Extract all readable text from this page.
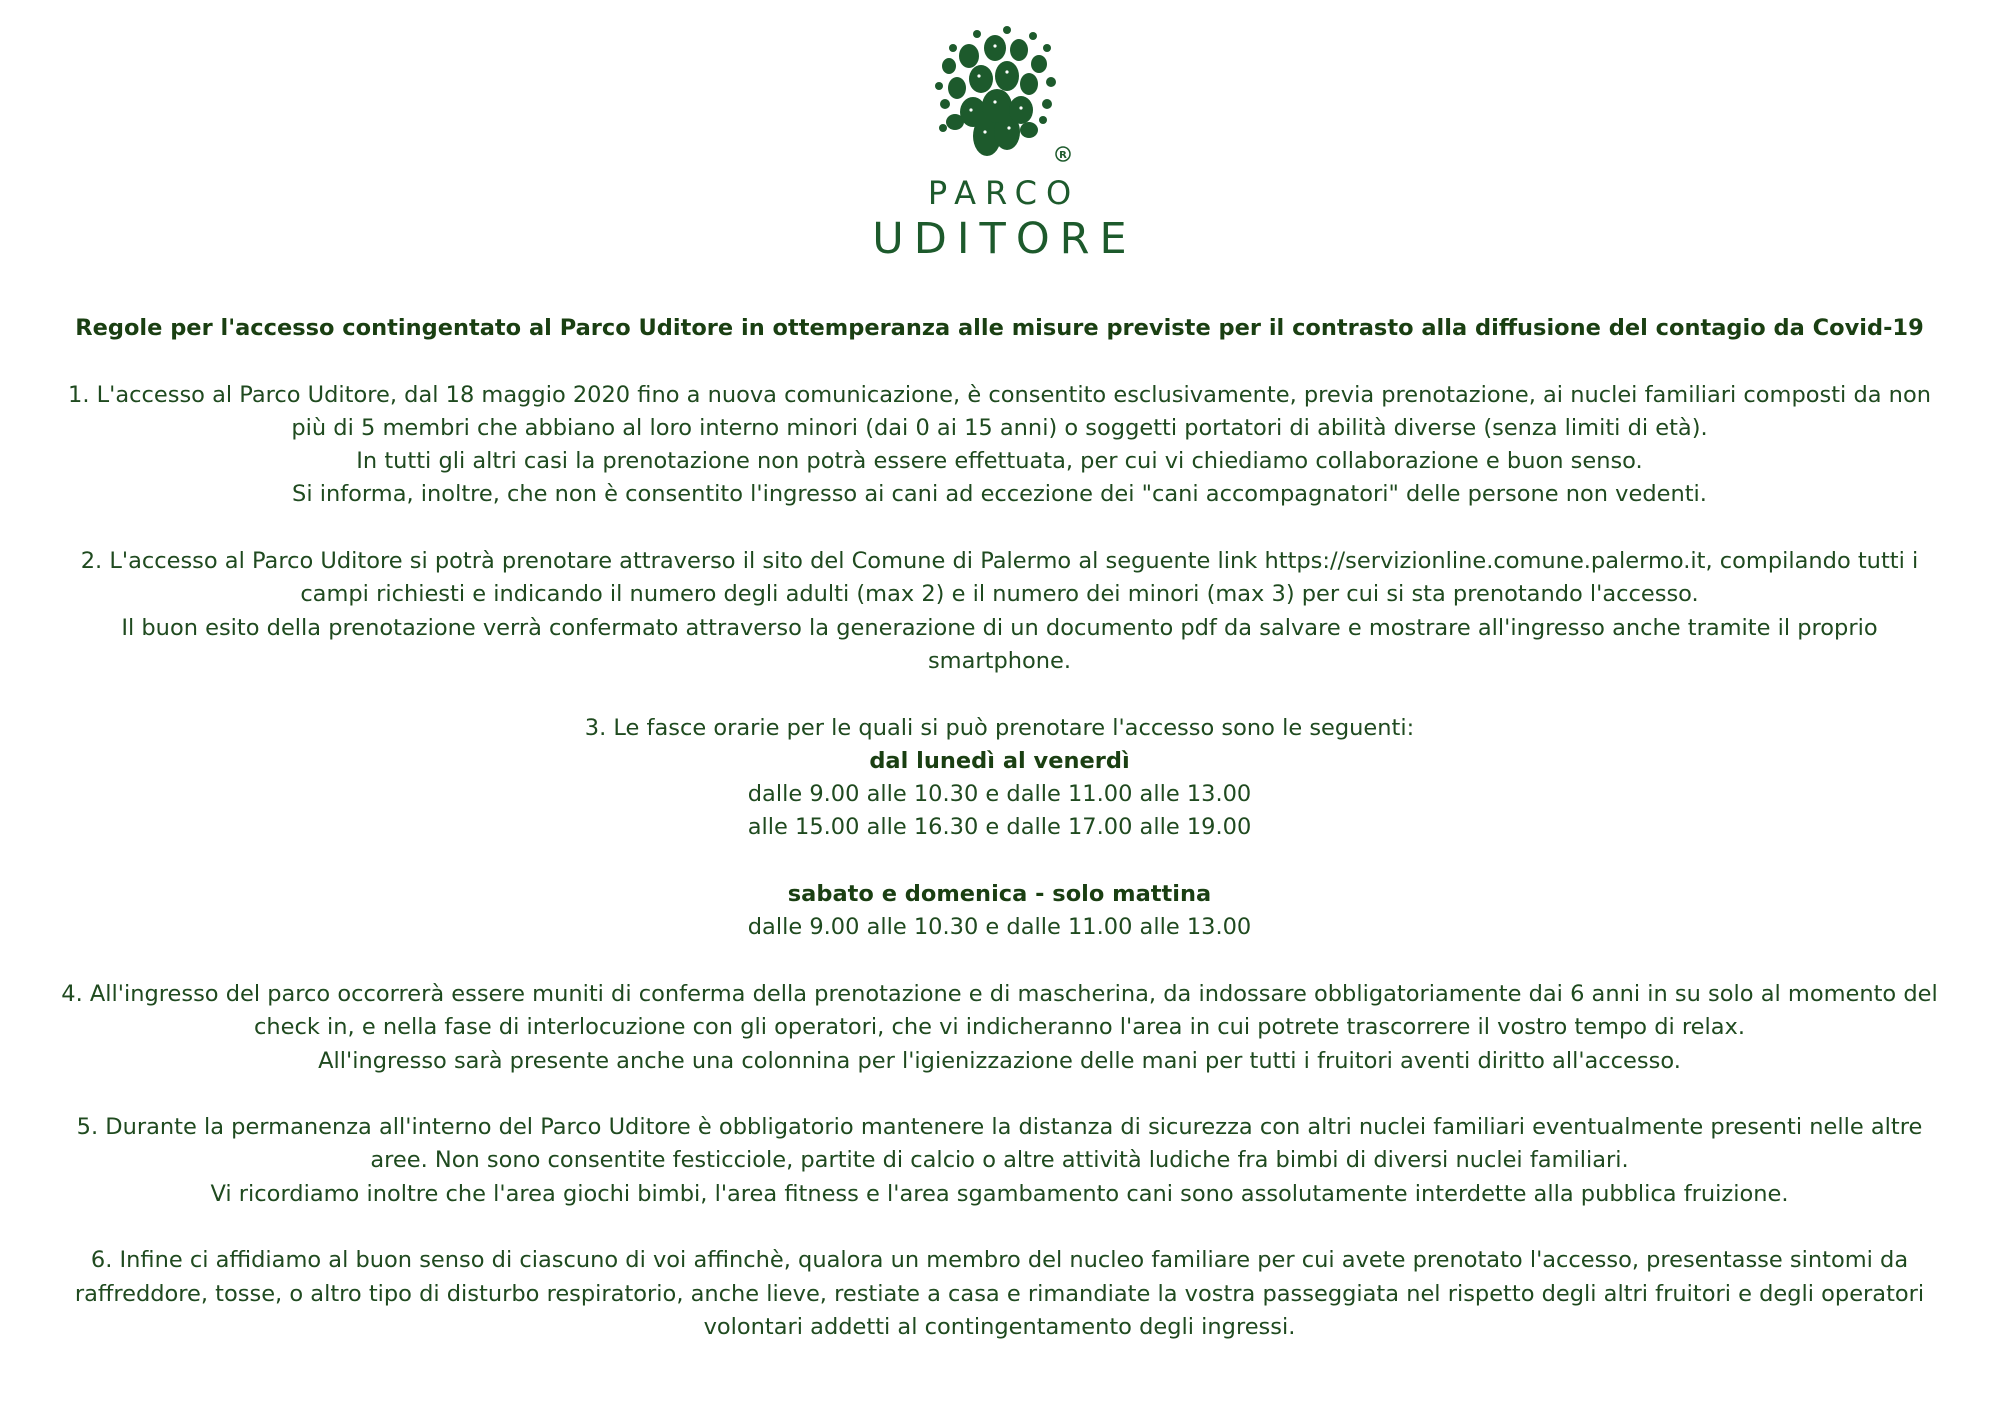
R
PARCO
UDITORE

Regole per l'accesso contingentato al Parco Uditore in ottemperanza alle misure previste per il contrasto alla diffusione del contagio da Covid-19

1. L'accesso al Parco Uditore, dal 18 maggio 2020 fino a nuova comunicazione, è consentito esclusivamente, previa prenotazione, ai nuclei familiari composti da non più di 5 membri che abbiano al loro interno minori (dai 0 ai 15 anni) o soggetti portatori di abilità diverse (senza limiti di età).

In tutti gli altri casi la prenotazione non potrà essere effettuata, per cui vi chiediamo collaborazione e buon senso.

Si informa, inoltre, che non è consentito l'ingresso ai cani ad eccezione dei "cani accompagnatori" delle persone non vedenti.

2. L'accesso al Parco Uditore si potrà prenotare attraverso il sito del Comune di Palermo al seguente link https://servizionline.comune.palermo.it, compilando tutti i campi richiesti e indicando il numero degli adulti (max 2) e il numero dei minori (max 3) per cui si sta prenotando l'accesso.

Il buon esito della prenotazione verrà confermato attraverso la generazione di un documento pdf da salvare e mostrare all'ingresso anche tramite il proprio smartphone.

3. Le fasce orarie per le quali si può prenotare l'accesso sono le seguenti:

dal lunedì al venerdì

dalle 9.00 alle 10.30 e dalle 11.00 alle 13.00

alle 15.00 alle 16.30 e dalle 17.00 alle 19.00

sabato e domenica - solo mattina

dalle 9.00 alle 10.30 e dalle 11.00 alle 13.00

4. All'ingresso del parco occorrerà essere muniti di conferma della prenotazione e di mascherina, da indossare obbligatoriamente dai 6 anni in su solo al momento del check in, e nella fase di interlocuzione con gli operatori, che vi indicheranno l'area in cui potrete trascorrere il vostro tempo di relax.

All'ingresso sarà presente anche una colonnina per l'igienizzazione delle mani per tutti i fruitori aventi diritto all'accesso.

5. Durante la permanenza all'interno del Parco Uditore è obbligatorio mantenere la distanza di sicurezza con altri nuclei familiari eventualmente presenti nelle altre aree. Non sono consentite festicciole, partite di calcio o altre attività ludiche fra bimbi di diversi nuclei familiari.

Vi ricordiamo inoltre che l'area giochi bimbi, l'area fitness e l'area sgambamento cani sono assolutamente interdette alla pubblica fruizione.

6. Infine ci affidiamo al buon senso di ciascuno di voi affinchè, qualora un membro del nucleo familiare per cui avete prenotato l'accesso, presentasse sintomi da raffreddore, tosse, o altro tipo di disturbo respiratorio, anche lieve, restiate a casa e rimandiate la vostra passeggiata nel rispetto degli altri fruitori e degli operatori volontari addetti al contingentamento degli ingressi.
